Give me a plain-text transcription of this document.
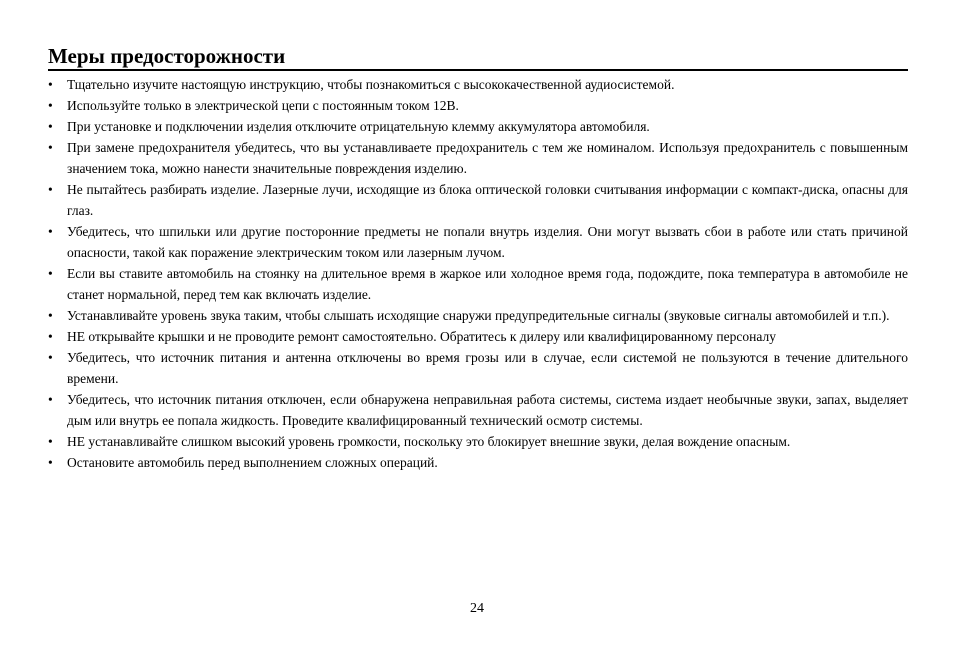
Меры предосторожности
•	Тщательно изучите настоящую инструкцию, чтобы познакомиться с высококачественной аудиосистемой.
•	Используйте только в электрической цепи с постоянным током 12В.
•	При установке и подключении изделия отключите отрицательную клемму аккумулятора автомобиля.
•	При замене предохранителя убедитесь, что вы устанавливаете предохранитель с тем же номиналом. Используя предохранитель с повышенным значением тока, можно нанести значительные повреждения изделию.
•	Не пытайтесь разбирать изделие. Лазерные лучи, исходящие из блока оптической головки считывания информации с компакт-диска, опасны для глаз.
•	Убедитесь, что шпильки или другие посторонние предметы не попали внутрь изделия. Они могут вызвать сбои в работе или стать причиной опасности, такой как поражение электрическим током или лазерным лучом.
•	Если вы ставите автомобиль на стоянку на длительное время в жаркое или холодное время года, подождите, пока температура в автомобиле не станет нормальной, перед тем как включать изделие.
•	Устанавливайте уровень звука таким, чтобы слышать исходящие снаружи предупредительные сигналы (звуковые сигналы автомобилей и т.п.).
•	НЕ открывайте крышки и не проводите ремонт самостоятельно. Обратитесь к дилеру или квалифицированному персоналу
•	Убедитесь, что источник питания и антенна отключены во время грозы или в случае, если системой не пользуются в течение длительного времени.
•	Убедитесь, что источник питания отключен, если обнаружена неправильная работа системы, система издает необычные звуки, запах, выделяет дым или внутрь ее попала жидкость. Проведите квалифицированный технический осмотр системы.
•	НЕ устанавливайте слишком высокий уровень громкости, поскольку это блокирует внешние звуки, делая вождение опасным.
•	Остановите автомобиль перед выполнением сложных операций.
24
